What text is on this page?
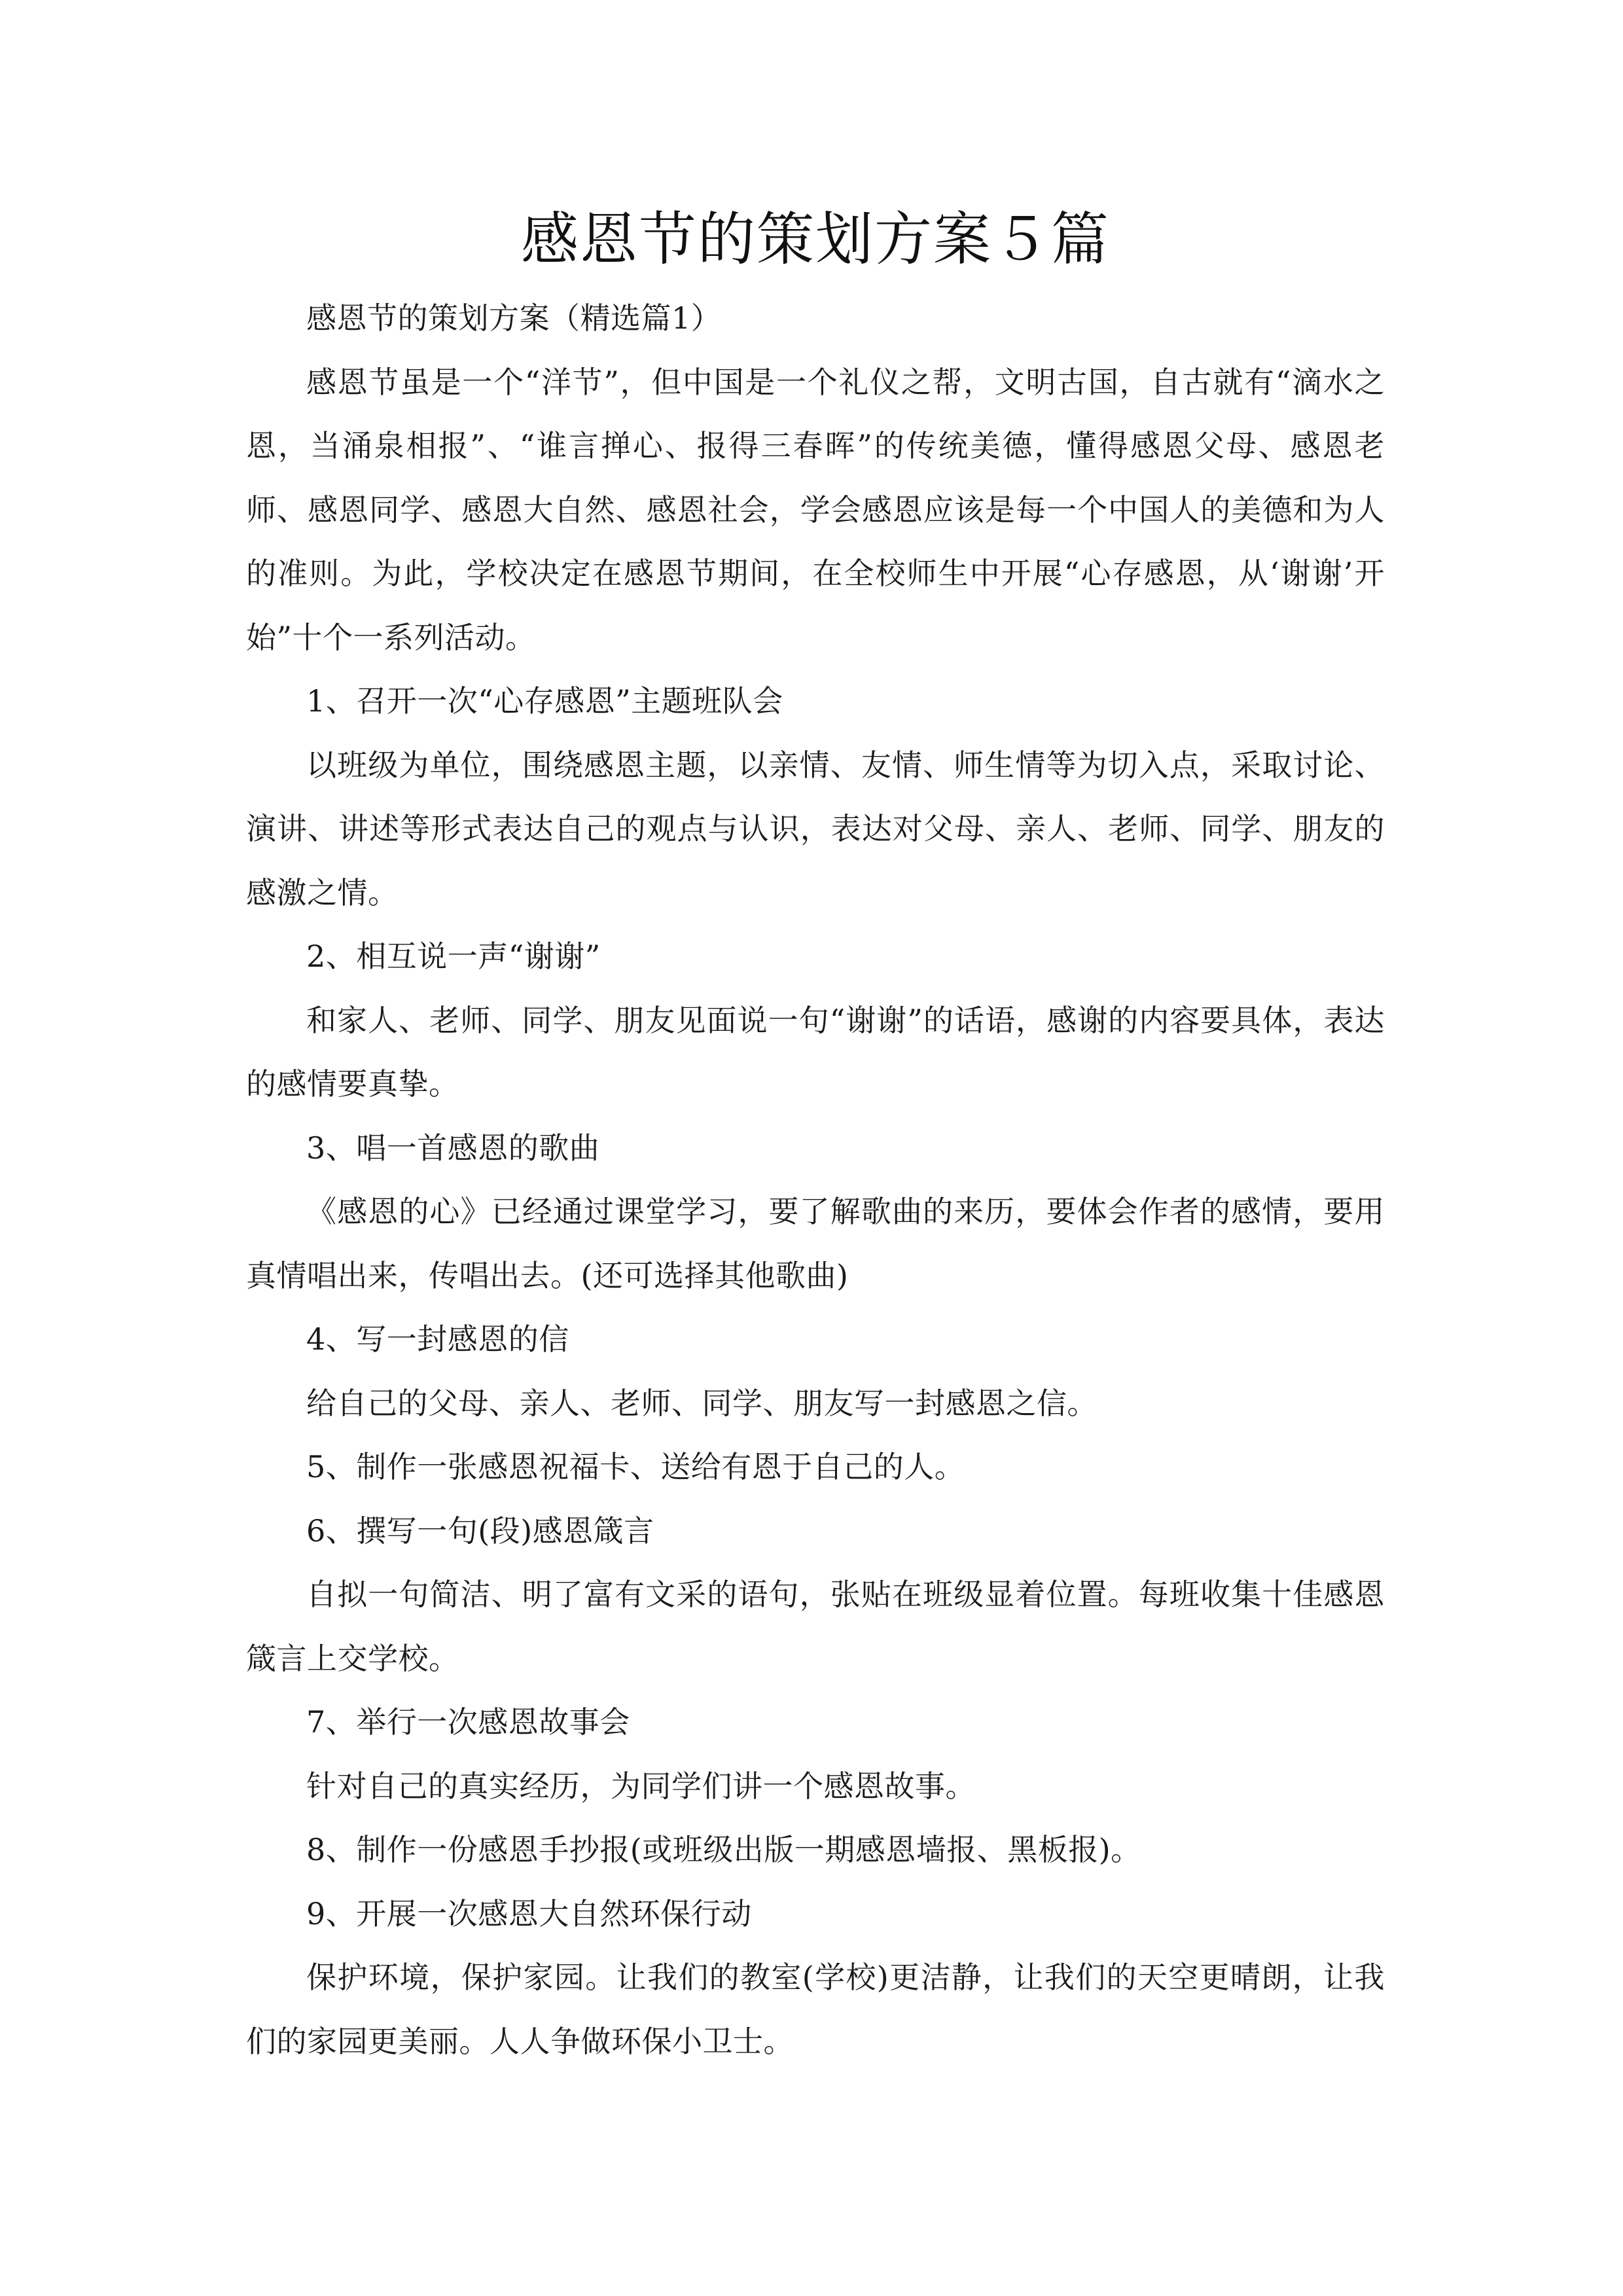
感恩节的策划方案５篇

感恩节的策划方案（精选篇1）

感恩节虽是一个“洋节”，但中国是一个礼仪之帮，文明古国，自古就有“滴水之恩，当涌泉相报”、“谁言掸心、报得三春晖”的传统美德，懂得感恩父母、感恩老师、感恩同学、感恩大自然、感恩社会，学会感恩应该是每一个中国人的美德和为人的准则。为此，学校决定在感恩节期间，在全校师生中开展“心存感恩，从‘谢谢’开始”十个一系列活动。

1、召开一次“心存感恩”主题班队会

以班级为单位，围绕感恩主题，以亲情、友情、师生情等为切入点，采取讨论、演讲、讲述等形式表达自己的观点与认识，表达对父母、亲人、老师、同学、朋友的感激之情。

2、相互说一声“谢谢”

和家人、老师、同学、朋友见面说一句“谢谢”的话语，感谢的内容要具体，表达的感情要真挚。

3、唱一首感恩的歌曲

《感恩的心》已经通过课堂学习，要了解歌曲的来历，要体会作者的感情，要用真情唱出来，传唱出去。(还可选择其他歌曲)

4、写一封感恩的信

给自己的父母、亲人、老师、同学、朋友写一封感恩之信。

5、制作一张感恩祝福卡、送给有恩于自己的人。

6、撰写一句(段)感恩箴言

自拟一句简洁、明了富有文采的语句，张贴在班级显着位置。每班收集十佳感恩箴言上交学校。

7、举行一次感恩故事会

针对自己的真实经历，为同学们讲一个感恩故事。

8、制作一份感恩手抄报(或班级出版一期感恩墙报、黑板报)。

9、开展一次感恩大自然环保行动

保护环境，保护家园。让我们的教室(学校)更洁静，让我们的天空更晴朗，让我们的家园更美丽。人人争做环保小卫士。
